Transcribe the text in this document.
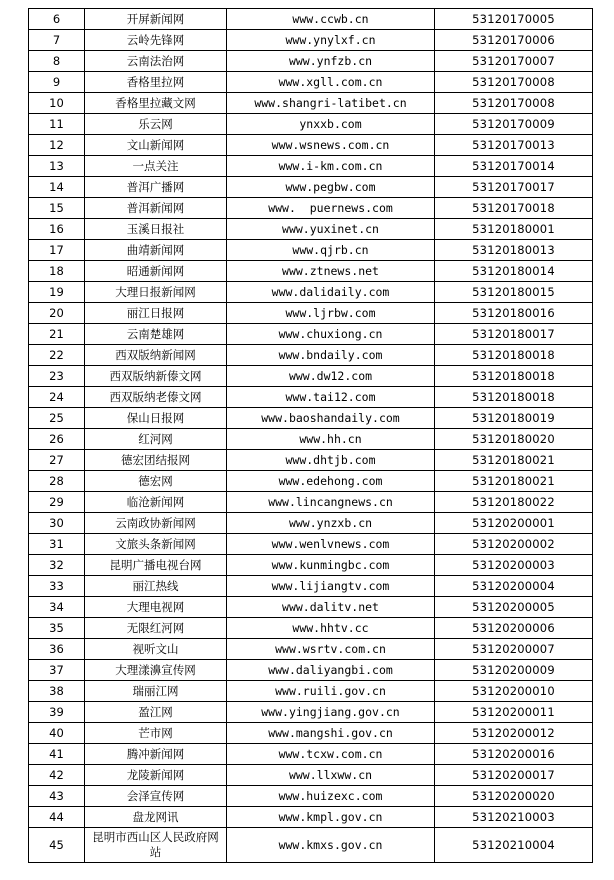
6	开屏新闻网	www.ccwb.cn	53120170005
7	云岭先锋网	www.ynylxf.cn	53120170006
8	云南法治网	www.ynfzb.cn	53120170007
9	香格里拉网	www.xgll.com.cn	53120170008
10	香格里拉藏文网	www.shangri-latibet.cn	53120170008
11	乐云网	ynxxb.com	53120170009
12	文山新闻网	www.wsnews.com.cn	53120170013
13	一点关注	www.i-km.com.cn	53120170014
14	普洱广播网	www.pegbw.com	53120170017
15	普洱新闻网	www.  puernews.com	53120170018
16	玉溪日报社	www.yuxinet.cn	53120180001
17	曲靖新闻网	www.qjrb.cn	53120180013
18	昭通新闻网	www.ztnews.net	53120180014
19	大理日报新闻网	www.dalidaily.com	53120180015
20	丽江日报网	www.ljrbw.com	53120180016
21	云南楚雄网	www.chuxiong.cn	53120180017
22	西双版纳新闻网	www.bndaily.com	53120180018
23	西双版纳新傣文网	www.dw12.com	53120180018
24	西双版纳老傣文网	www.tai12.com	53120180018
25	保山日报网	www.baoshandaily.com	53120180019
26	红河网	www.hh.cn	53120180020
27	德宏团结报网	www.dhtjb.com	53120180021
28	德宏网	www.edehong.com	53120180021
29	临沧新闻网	www.lincangnews.cn	53120180022
30	云南政协新闻网	www.ynzxb.cn	53120200001
31	文旅头条新闻网	www.wenlvnews.com	53120200002
32	昆明广播电视台网	www.kunmingbc.com	53120200003
33	丽江热线	www.lijiangtv.com	53120200004
34	大理电视网	www.dalitv.net	53120200005
35	无限红河网	www.hhtv.cc	53120200006
36	视听文山	www.wsrtv.com.cn	53120200007
37	大理漾濞宣传网	www.daliyangbi.com	53120200009
38	瑞丽江网	www.ruili.gov.cn	53120200010
39	盈江网	www.yingjiang.gov.cn	53120200011
40	芒市网	www.mangshi.gov.cn	53120200012
41	腾冲新闻网	www.tcxw.com.cn	53120200016
42	龙陵新闻网	www.llxww.cn	53120200017
43	会泽宣传网	www.huizexc.com	53120200020
44	盘龙网讯	www.kmpl.gov.cn	53120210003
45	昆明市西山区人民政府网站	www.kmxs.gov.cn	53120210004
